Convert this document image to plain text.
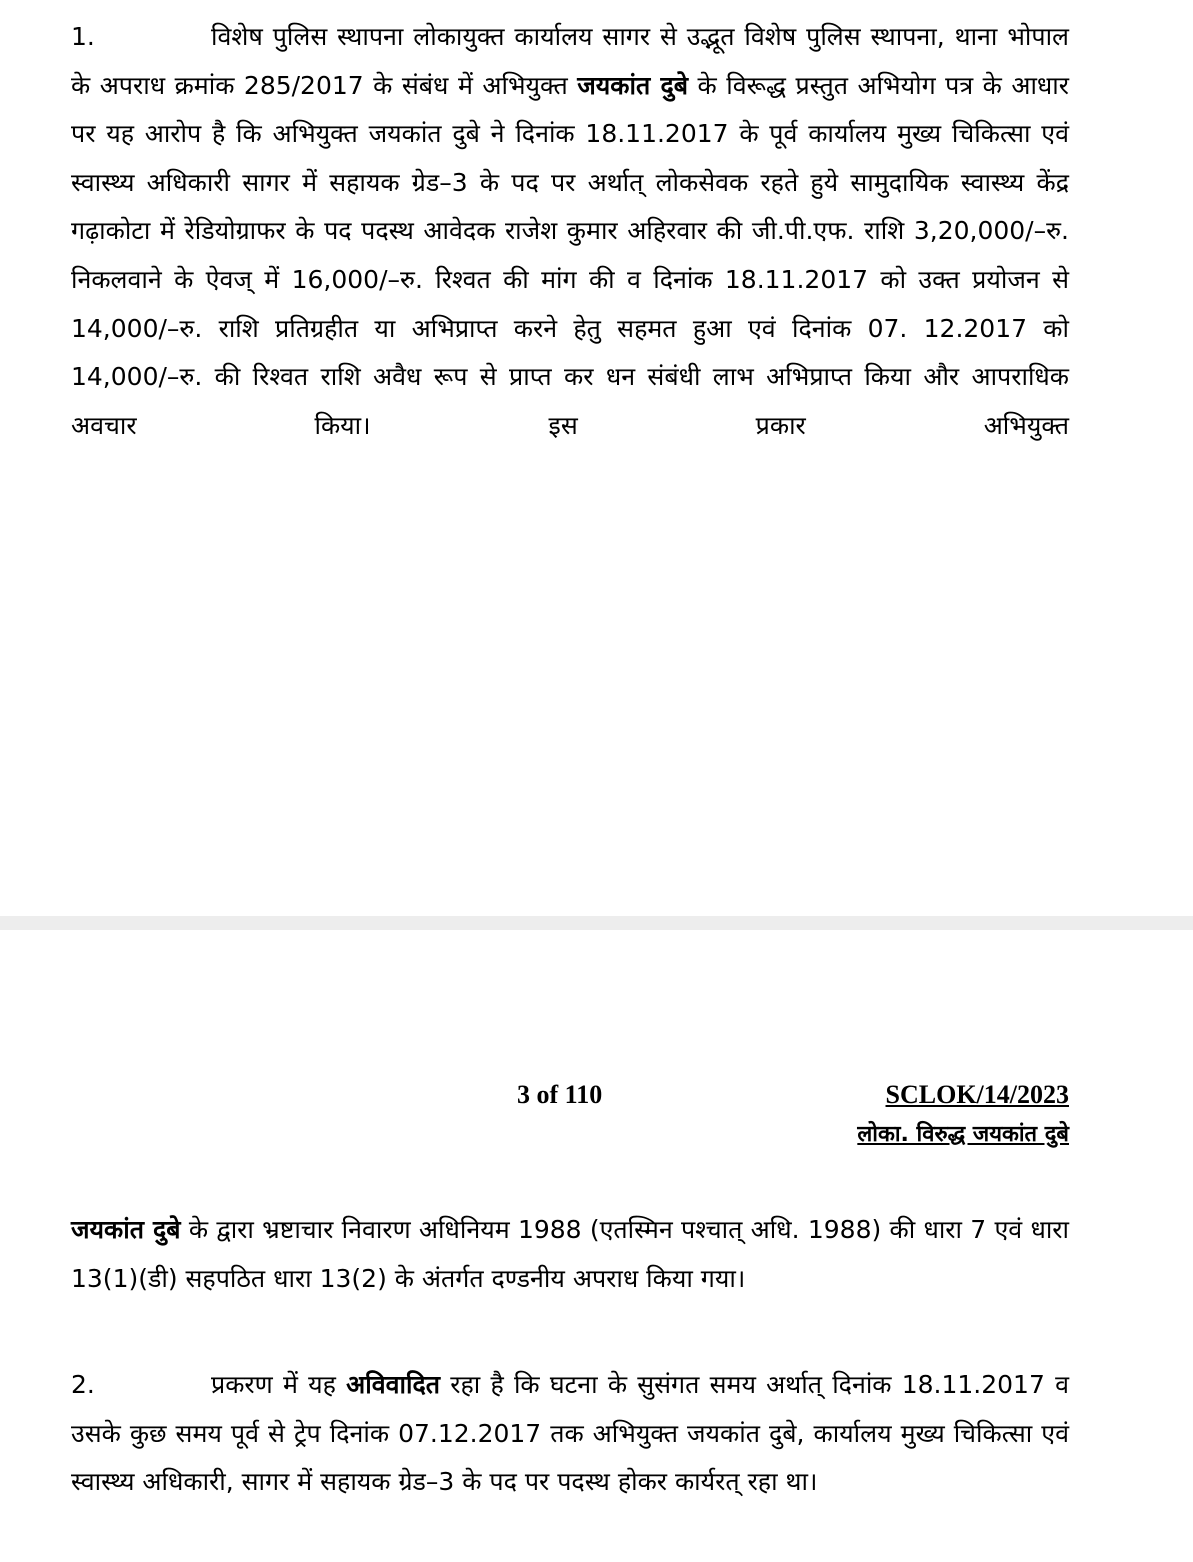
1.	विशेष पुलिस स्थापना लोकायुक्त कार्यालय सागर से उद्भूत विशेष पुलिस स्थापना, थाना भोपाल के अपराध क्रमांक 285/2017 के संबंध में अभियुक्त जयकांत दुबे के विरूद्ध प्रस्तुत अभियोग पत्र के आधार पर यह आरोप है कि अभियुक्त जयकांत दुबे ने दिनांक 18.11.2017 के पूर्व कार्यालय मुख्य चिकित्सा एवं स्वास्थ्य अधिकारी सागर में सहायक ग्रेड–3 के पद पर अर्थात् लोकसेवक रहते हुये सामुदायिक स्वास्थ्य केंद्र गढ़ाकोटा में रेडियोग्राफर के पद पदस्थ आवेदक राजेश कुमार अहिरवार की जी.पी.एफ. राशि 3,20,000/–रु. निकलवाने के ऐवज् में 16,000/–रु. रिश्वत की मांग की व दिनांक 18.11.2017 को उक्त प्रयोजन से 14,000/–रु. राशि प्रतिग्रहीत या अभिप्राप्त करने हेतु सहमत हुआ एवं दिनांक 07. 12.2017 को 14,000/–रु. की रिश्वत राशि अवैध रूप से प्राप्त कर धन संबंधी लाभ अभिप्राप्त किया और आपराधिक अवचार किया। इस प्रकार अभियुक्त

3 of 110	SCLOK/14/2023
लोका. विरुद्ध जयकांत दुबे

जयकांत दुबे के द्वारा भ्रष्टाचार निवारण अधिनियम 1988 (एतस्मिन पश्चात् अधि. 1988) की धारा 7 एवं धारा 13(1)(डी) सहपठित धारा 13(2) के अंतर्गत दण्डनीय अपराध किया गया।

2.	प्रकरण में यह अविवादित रहा है कि घटना के सुसंगत समय अर्थात् दिनांक 18.11.2017 व उसके कुछ समय पूर्व से ट्रेप दिनांक 07.12.2017 तक अभियुक्त जयकांत दुबे, कार्यालय मुख्य चिकित्सा एवं स्वास्थ्य अधिकारी, सागर में सहायक ग्रेड–3 के पद पर पदस्थ होकर कार्यरत् रहा था।
